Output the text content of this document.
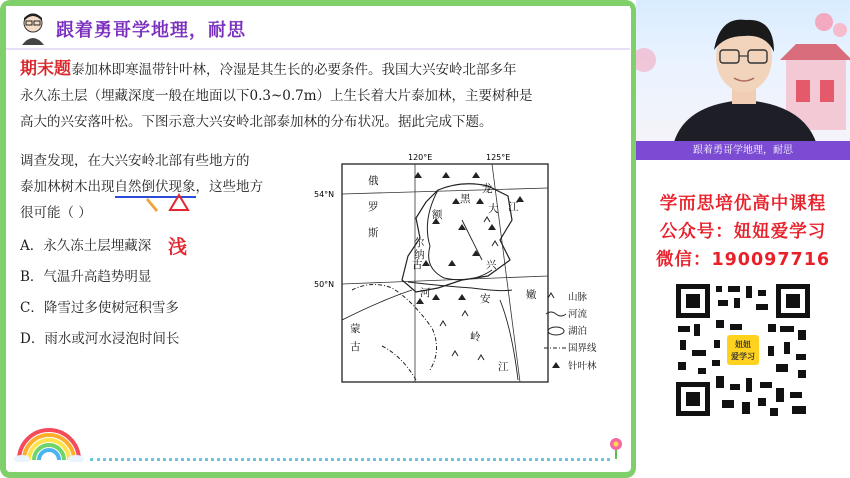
跟着勇哥学地理，耐思
期末题泰加林即寒温带针叶林，冷湿是其生长的必要条件。我国大兴安岭北部多年
永久冻土层（埋藏深度一般在地面以下0.3~0.7m）上生长着大片泰加林，主要树种是
高大的兴安落叶松。下图示意大兴安岭北部泰加林的分布状况。据此完成下题。
调查发现，在大兴安岭北部有些地方的
泰加林树木出现自然倒伏现象，这些地方
很可能（ ）
A．永久冻土层埋藏深
B．气温升高趋势明显
C．降雪过多使树冠积雪多
D．雨水或河水浸泡时间长
浅
120°E	125°E
54°N
50°N
俄
罗
斯
黑
龙
江
额	大
尔
古	兴
纳
河	安	嫩
岭
江
蒙
古
山脉
河流
湖泊
国界线
针叶林
跟着勇哥学地理，耐思
学而思培优高中课程
公众号：妞妞爱学习
微信：190097716
妞妞
爱学习
